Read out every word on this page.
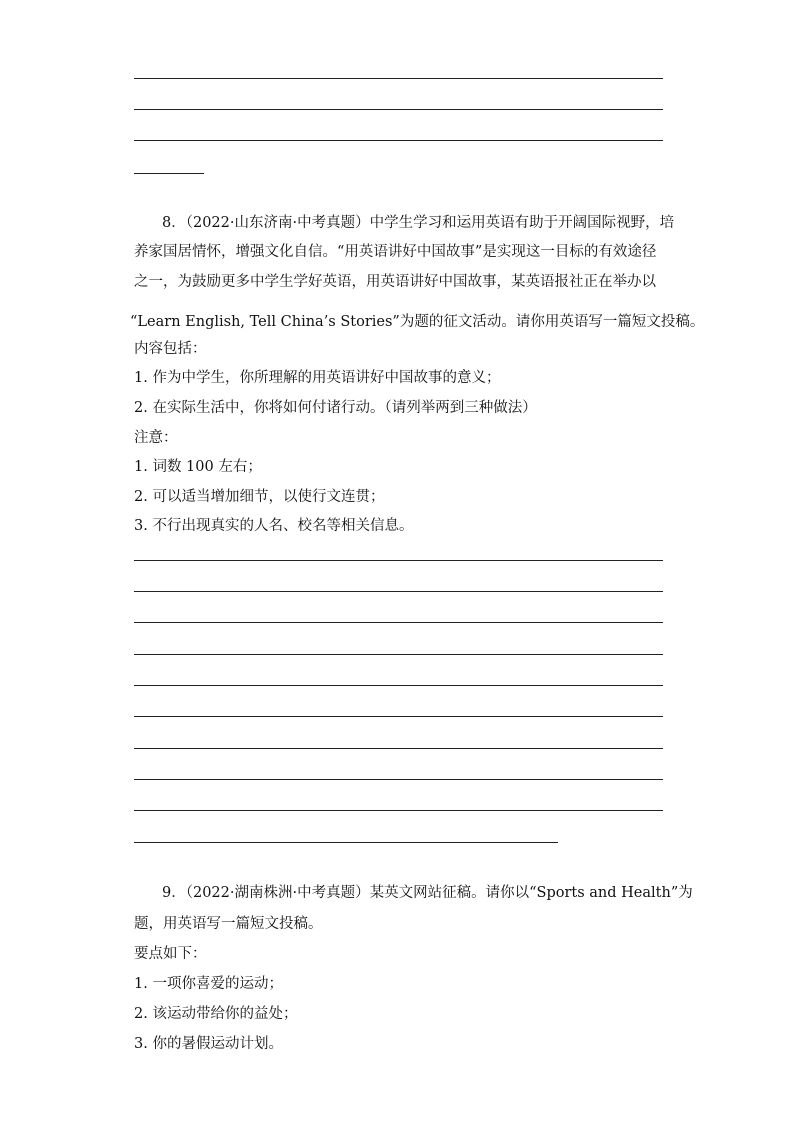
8．（2022·山东济南·中考真题）中学生学习和运用英语有助于开阔国际视野，培
养家国居情怀，增强文化自信。“用英语讲好中国故事”是实现这一目标的有效途径
之一，为鼓励更多中学生学好英语，用英语讲好中国故事，某英语报社正在举办以
“Learn English, Tell China’s Stories”为题的征文活动。请你用英语写一篇短文投稿。
内容包括：
1. 作为中学生，你所理解的用英语讲好中国故事的意义；
2. 在实际生活中，你将如何付诸行动。（请列举两到三种做法）
注意：
1. 词数 100 左右；
2. 可以适当增加细节，以使行文连贯；
3. 不行出现真实的人名、校名等相关信息。
9．（2022·湖南株洲·中考真题）某英文网站征稿。请你以“Sports and Health”为
题，用英语写一篇短文投稿。
要点如下：
1. 一项你喜爱的运动；
2. 该运动带给你的益处；
3. 你的暑假运动计划。
